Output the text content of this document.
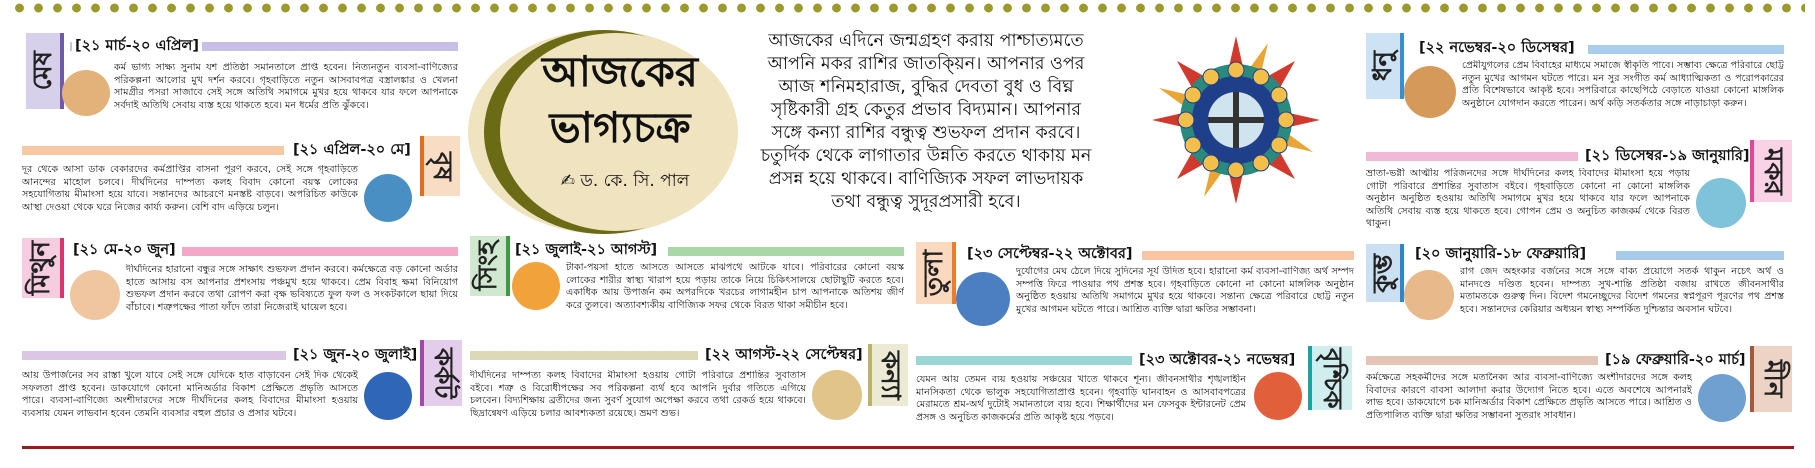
আজকের
ভাগ্যচক্র
✍ ড. কে. সি. পাল
আজকের এদিনে জন্মগ্রহণ করায় পাশ্চাত্যমতে আপনি মকর রাশির জাতক্য়িন। আপনার ওপর আজ শনিমহারাজ, বুদ্ধির দেবতা বুধ ও বিঘ্ন সৃষ্টিকারী গ্রহ কেতুর প্রভাব বিদ্যমান। আপনার সঙ্গে কন্যা রাশির বন্ধুত্ব শুভফল প্রদান করবে। চতুর্দিক থেকে লাগাতার উন্নতি করতে থাকায় মন প্রসন্ন হয়ে থাকবে। বাণিজ্যিক সফল লাভদায়ক তথা বন্ধুত্ব সুদূরপ্রসারী হবে।
মেষ
[২১ মার্চ-২০ এপ্রিল]
কর্ম ভাগ্য সাক্ষ্য সুনাম যশ প্রতিষ্ঠা সমানতালে প্রাপ্ত হবেন। নিত্যনতুন ব্যবসা-বাণিজ্যের পরিকল্পনা আলোর মুখ দর্শন করবে। গৃহবাড়িতে নতুন আসবাবপত্র বস্ত্রালঙ্কার ও খেলনা সামগ্রীর পসরা সাজাবে সেই সঙ্গে অতিথি সমাগমে মুখর হয়ে থাকবে যার ফলে আপনাকে সর্বদাই অতিথি সেবায় ব্যস্ত হয়ে থাকতে হবে। মন ধর্মের প্রতি ঝুঁকবে।
[২১ এপ্রিল-২০ মে]
বৃষ
দূর থেকে আসা ডাক বেকারদের কর্মপ্রাপ্তির বাসনা পূরণ করবে, সেই সঙ্গে গৃহবাড়িতে আনন্দের মাহোল চলবে। দীর্ঘদিনের দাম্পত্য কলহ বিবাদ কোনো বয়স্ক লোকের সহযোগিতায় মীমাংসা হয়ে যাবে। সন্তানদের আচরণে মনস্তষ্ট বাড়বে। অপরিচিত কাউকে আস্থা দেওয়া থেকে ঘরে নিজের কার্য্য করুন। বেশি বাদ এড়িয়ে চলুন।
মিথুন	[২১ মে-২০ জুন]
দীর্ঘদিনের হারানো বন্ধুর সঙ্গে সাক্ষাৎ শুভফল প্রদান করবে। কর্মক্ষেত্রে বড় কোনো অর্ডার হাতে আসায় বস আপনার প্রশংসায় পঞ্চমুখ হয়ে থাকবে। প্রেম বিবাহ ক্ষমা বিনিয়োগ শুভফল প্রদান করবে তথা রোপণ করা বৃক্ষ ভবিষ্যতে ফুল ফল ও সংকটকালে ছায়া দিয়ে বাঁচাবে। শত্রুপক্ষের পাতা ফাঁদে তারা নিজেরাই ঘায়েল হবে।
[২১ জুন-২০ জুলাই] কর্কট
আয় উপার্জনের সব রাস্তা খুলে যাবে সেই সঙ্গে যেদিকে হাত বাড়াবেন সেই দিক থেকেই সফলতা প্রাপ্ত হবেন। ডাকযোগে কোনো মানিঅর্ডার বিকাশ প্রেক্ষিতে প্রভৃতি আসতে পারে। ব্যবসা-বাণিজ্যে অংশীদারদের সঙ্গে দীর্ঘদিনের কলহ বিবাদের মীমাংসা হওয়ায় ব্যবসায় যেমন লাভবান হবেন তেমনি ব্যবসার বহুল প্রচার ও প্রসার ঘটবে।
সিংহ [২১ জুলাই-২১ আগস্ট]
টাকা-পয়সা হাতে আসতে আসতে মাঝপথে আটকে যাবে। পরিবারের কোনো বয়স্ক লোকের শারীর স্বাস্থ্য খারাপ হয়ে পড়ায় তাকে নিয়ে চিকিৎসালয়ে ছোটাছুটি করতে হবে। একাধিক আয় উপার্জন কম অপরদিকে খরচের লাগামহীন চাপ আপনাকে অতিশয় জীর্ণ করে তুলবে। অত্যাবশ্যকীয় বাণিজ্যিক সফর থেকে বিরত থাকা সমীচীন হবে।
[২২ আগস্ট-২২ সেপ্টেম্বর] কন্যা
দীর্ঘদিনের দাম্পত্য কলহ বিবাদের মীমাংসা হওয়ায় গোটা পরিবারে প্রশান্তির সুবাতাস বইবে। শত্রু ও বিরোধীপক্ষের সব পরিকল্পনা ব্যর্থ হবে আপনি দুর্বার গতিতে এগিয়ে চলবেন। বিদ্যশিক্ষায় ব্রতীদের জন্য সুবর্ণ সুযোগ অপেক্ষা করবে তথা রেকর্ড হয়ে থাকবে। ছিদ্রান্বেষণ এড়িয়ে চলার আবশ্যকতা রয়েছে। ভ্রমণ শুভ।
তুলা	[২৩ সেপ্টেম্বর-২২ অক্টোবর]
দুর্যোগের মেঘ ঠেলে দিয়ে সুদিনের সূর্য উদিত হবে। হারানো কর্ম ব্যবসা-বাণিজ্য অর্থ সম্পদ সম্পত্তি ফিরে পাওয়ার পথ প্রশস্ত হবে। গৃহবাড়িতে কোনো না কোনো মাঙ্গলিক অনুষ্ঠান অনুষ্ঠিত হওয়ায় অতিথি সমাগমে মুখর হয়ে থাকবে। সন্তান্য ক্ষেত্রে পরিবারে ছোট্ট নতুন মুখের আগমন ঘটতে পারে। আশ্রিত ব্যক্তি দ্বারা ক্ষতির সম্ভাবনা।
[২৩ অক্টোবর-২১ নভেম্বর] বৃশ্চিক
যেমন আয় তেমন ব্যয় হওয়ায় সঞ্চয়ের খাতে থাকবে শূন্য। জীবনসাথীর শৃঙ্খলাহীন মানসিকতা থেকে ভালুক সহযোগিতাপ্রাপ্ত হবেন। গৃহবাড়ি ঘানবাহন ও আসবাবপত্রের মেরামতে শ্রম-অর্থ দুটোই সমানতালে ব্যয় হবে। শিক্ষার্থীদের মন ফেসবুক ইন্টারনেট প্রেম প্রসঙ্গ ও অনুচিত কাজকর্মের প্রতি আকৃষ্ট হয়ে পড়বে।
ধনু
[২২ নভেম্বর-২০ ডিসেম্বর]
প্রেমীযুগলের প্রেম বিবাহের মাধ্যমে সমাজে স্বীকৃতি পাবে। সম্ভাব্য ক্ষেত্রে পরিবারে ছোট্ট নতুন মুখের আগমন ঘটতে পারে। মন সুর সংগীত কর্ম আধ্যাত্মিকতা ও পরোপকারের প্রতি বিশেষভাবে আকৃষ্ট হবে। সপরিবারে কাছেপিঠে বেড়াতে যাওয়া কোনো মাঙ্গলিক অনুষ্ঠানে যোগদান করতে পারেন। অর্থ কড়ি সতর্কতার সঙ্গে নাড়াচাড়া করুন।
[২১ ডিসেম্বর-১৯ জানুয়ারি] মকর
ভ্রাতা-ভগ্নী আত্মীয় পরিজনদের সঙ্গে দীর্ঘদিনের কলহ বিবাদের মীমাংসা হয়ে পড়ায় গোটা পরিবারে প্রশান্তির সুবাতাস বইবে। গৃহবাড়িতে কোনো না কোনো মাঙ্গলিক অনুষ্ঠান অনুষ্ঠিত হওয়ায় অতিথি সমাগমে মুখর হয়ে থাকবে যার ফলে আপনাকে অতিথি সেবায় ব্যস্ত হয়ে থাকতে হবে। গোপন প্রেম ও অনুচিত কাজকর্ম থেকে বিরত থাকুন।
কুম্ভ	[২০ জানুয়ারি-১৮ ফেব্রুয়ারি]
রাগ জেদ অহংকার বর্জনের সঙ্গে সঙ্গে বাক্য প্রয়োগে সতর্ক থাকুন নচেৎ অর্থ ও মানদণ্ডে দণ্ডিত হবেন। দাম্পত্য সুখ-শান্তি প্রতিষ্ঠা বজায় রাখতে জীবনসাথীর মতামতকে গুরুত্ব দিন। বিদেশ গমনেচ্ছুদের বিদেশ গমনের স্বপ্নপূরণ পূরণের পথ প্রশস্ত হবে। সন্তানদের কেরিয়ার অধ্যয়ন স্বাস্থ্য সম্পর্কিত দুশ্চিন্তার অবসান ঘটবে।
[১৯ ফেব্রুয়ারি-২০ মার্চ]
মীন
কর্মক্ষেত্রে সহকর্মীদের সঙ্গে মতানৈক্য আর ব্যবসা-বাণিজ্যে অংশীদারদের সঙ্গে কলহ বিবাদের কারণে বাবসা আলাদা করার উদ্যোগ নিতে হবে। এতে অবশেষে আপনারই লাভ হবে। ডাকযোগে চক মানিঅর্ডার বিকাশ প্রেক্ষিতে প্রভৃতি আসতে পারে। আশ্রিত ও প্রতিপালিত ব্যক্তি দ্বারা ক্ষতির সম্ভাবনা সুতরাং সাবধান।
